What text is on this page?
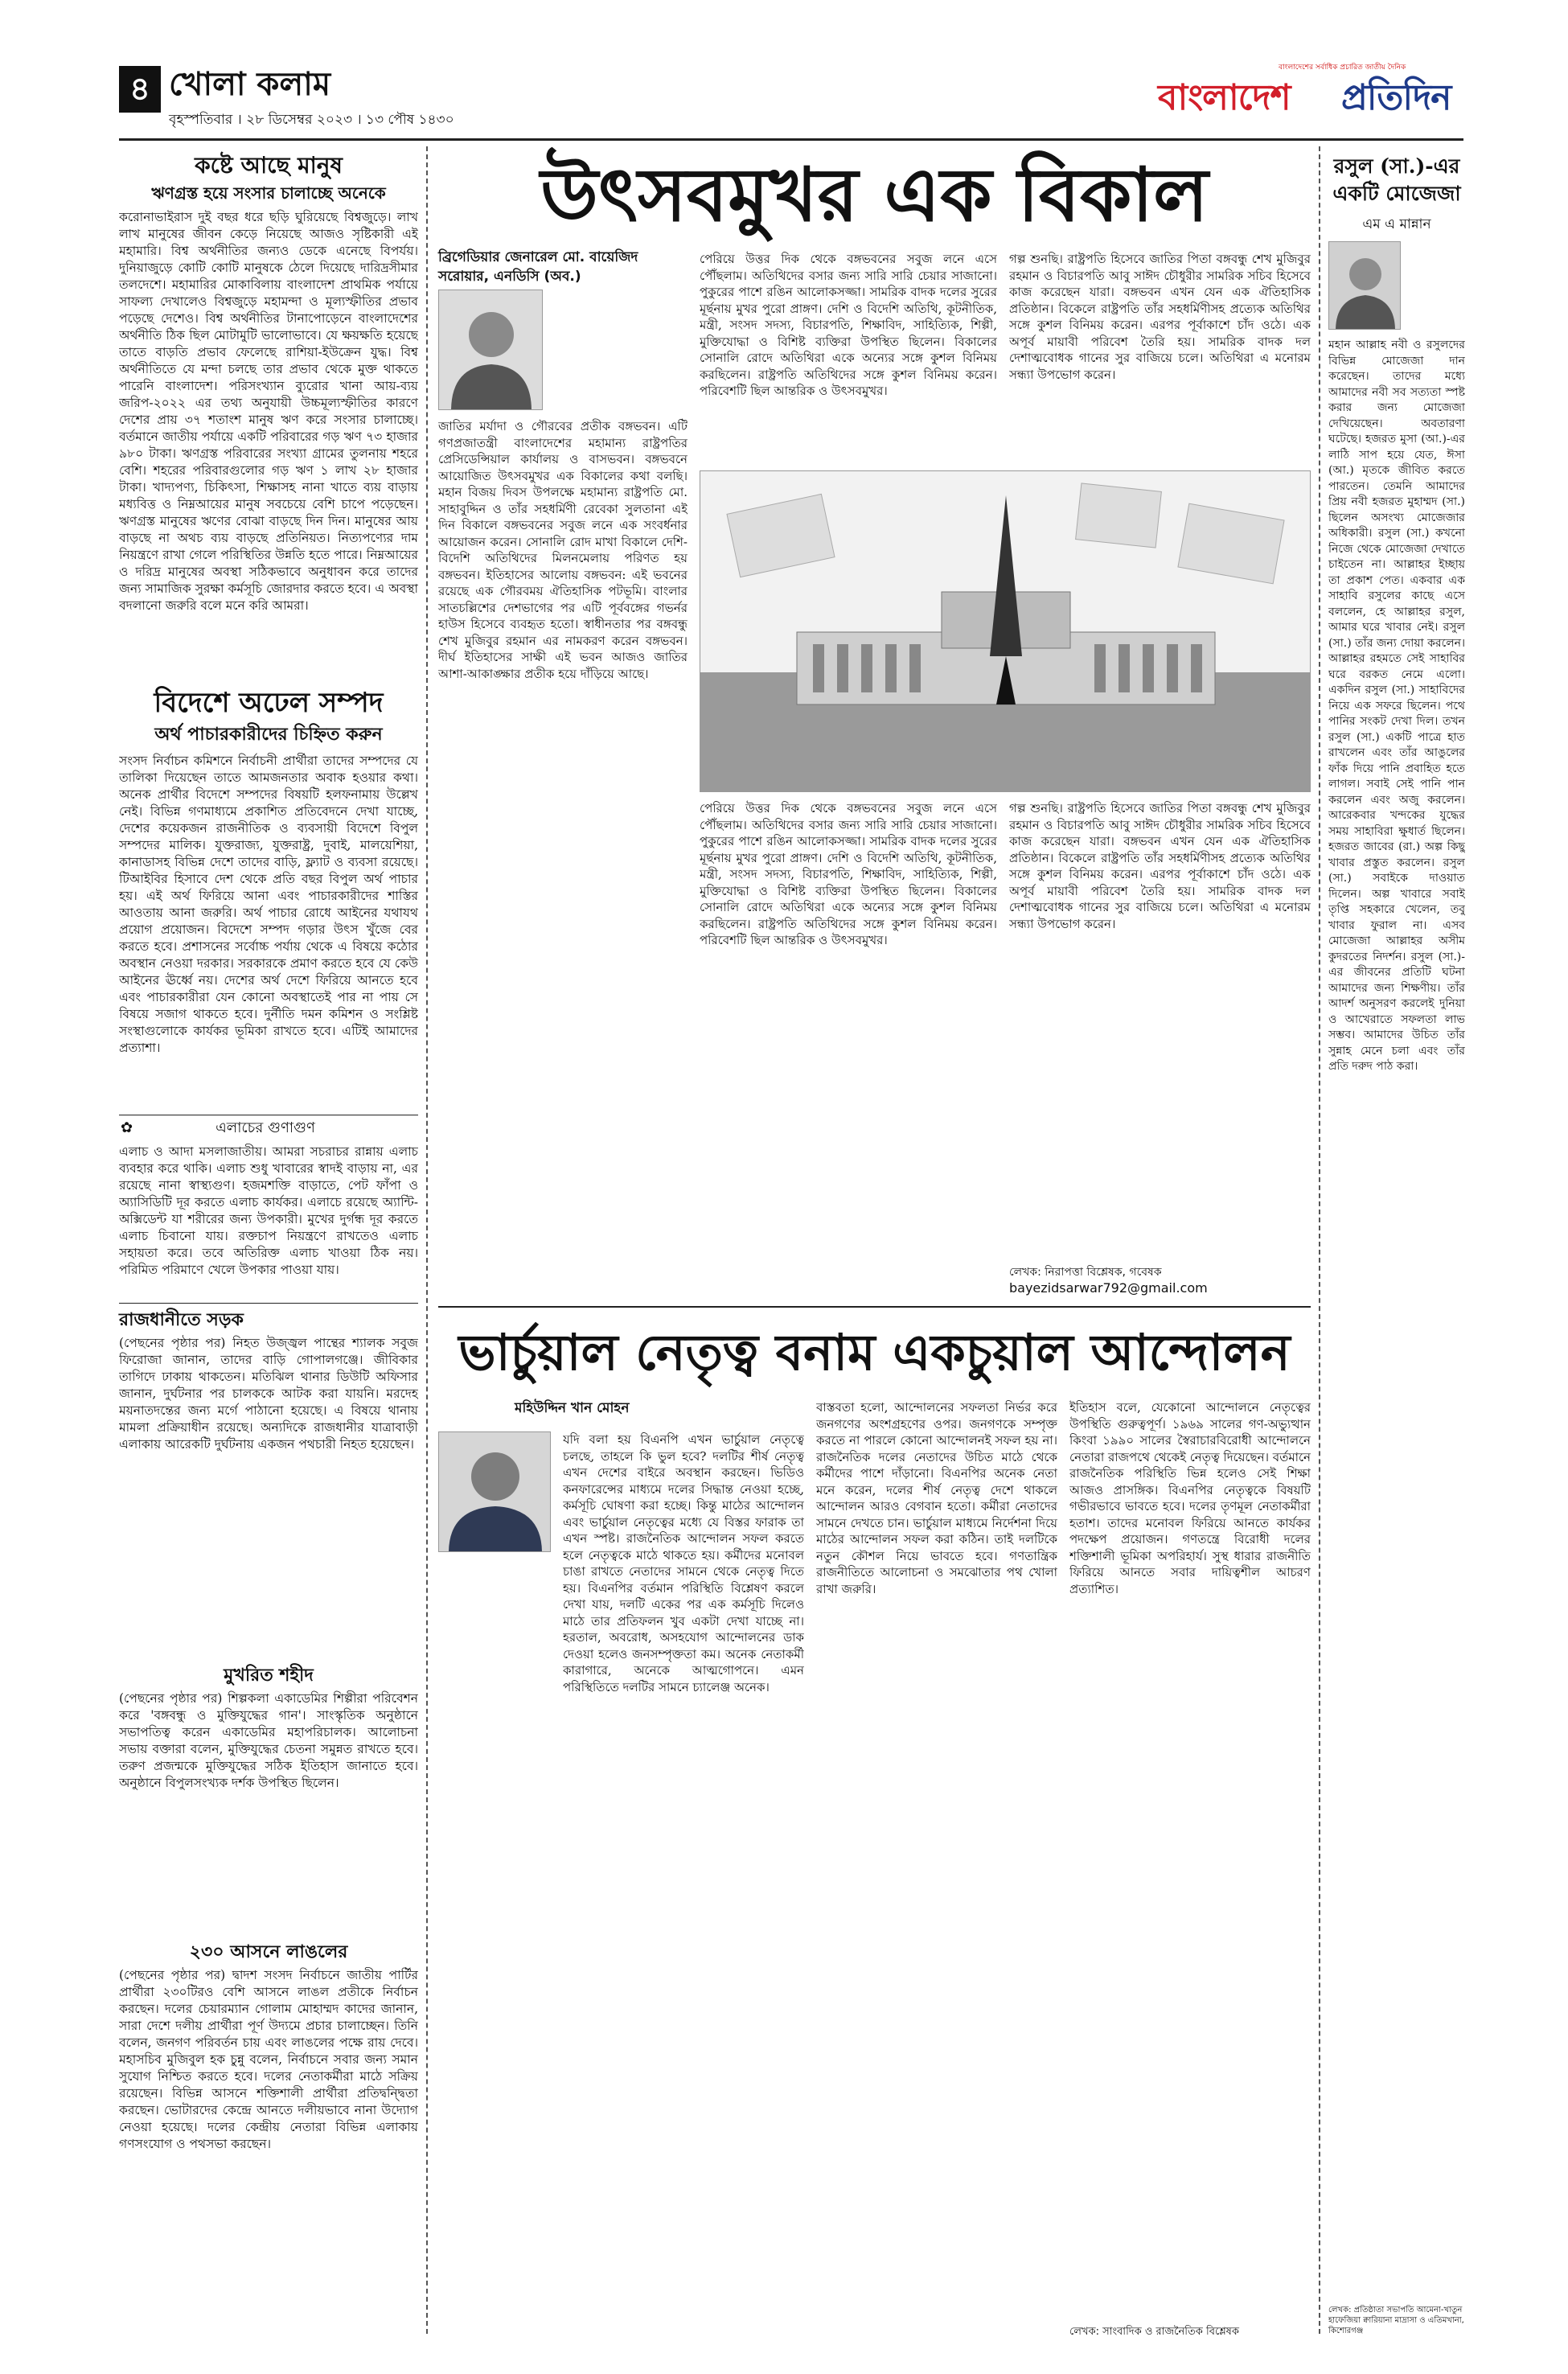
৪ খোলা কলাম
বৃহস্পতিবার । ২৮ ডিসেম্বর ২০২৩ । ১৩ পৌষ ১৪৩০
বাংলাদেশের সর্বাধিক প্রচারিত জাতীয় দৈনিক
বাংলাদেশ প্রতিদিন
কষ্টে আছে মানুষ
ঋণগ্রস্ত হয়ে সংসার চালাচ্ছে অনেকে
করোনাভাইরাস দুই বছর ধরে ছড়ি ঘুরিয়েছে বিশ্বজুড়ে। লাখ লাখ মানুষের জীবন কেড়ে নিয়েছে আজও সৃষ্টিকারী এই মহামারি। বিশ্ব অর্থনীতির জন্যও ডেকে এনেছে বিপর্যয়। দুনিয়াজুড়ে কোটি কোটি মানুষকে ঠেলে দিয়েছে দারিদ্রসীমার তলদেশে। মহামারির মোকাবিলায় বাংলাদেশ প্রাথমিক পর্যায়ে সাফল্য দেখালেও বিশ্বজুড়ে মহামন্দা ও মূল্যস্ফীতির প্রভাব পড়েছে দেশেও। বিশ্ব অর্থনীতির টানাপোড়েনে বাংলাদেশের অর্থনীতি ঠিক ছিল মোটামুটি ভালোভাবে। যে ক্ষয়ক্ষতি হয়েছে তাতে বাড়তি প্রভাব ফেলেছে রাশিয়া-ইউক্রেন যুদ্ধ। বিশ্ব অর্থনীতিতে যে মন্দা চলছে তার প্রভাব থেকে মুক্ত থাকতে পারেনি বাংলাদেশ। পরিসংখ্যান ব্যুরোর খানা আয়-ব্যয় জরিপ-২০২২ এর তথ্য অনুযায়ী উচ্চমূল্যস্ফীতির কারণে দেশের প্রায় ৩৭ শতাংশ মানুষ ঋণ করে সংসার চালাচ্ছে। বর্তমানে জাতীয় পর্যায়ে একটি পরিবারের গড় ঋণ ৭৩ হাজার ৯৮০ টাকা। ঋণগ্রস্ত পরিবারের সংখ্যা গ্রামের তুলনায় শহরে বেশি। শহরের পরিবারগুলোর গড় ঋণ ১ লাখ ২৮ হাজার টাকা। খাদ্যপণ্য, চিকিৎসা, শিক্ষাসহ নানা খাতে ব্যয় বাড়ায় মধ্যবিত্ত ও নিম্নআয়ের মানুষ সবচেয়ে বেশি চাপে পড়েছেন। ঋণগ্রস্ত মানুষের ঋণের বোঝা বাড়ছে দিন দিন। মানুষের আয় বাড়ছে না অথচ ব্যয় বাড়ছে প্রতিনিয়ত। নিত্যপণ্যের দাম নিয়ন্ত্রণে রাখা গেলে পরিস্থিতির উন্নতি হতে পারে। নিম্নআয়ের ও দরিদ্র মানুষের অবস্থা সঠিকভাবে অনুধাবন করে তাদের জন্য সামাজিক সুরক্ষা কর্মসূচি জোরদার করতে হবে। এ অবস্থা বদলানো জরুরি বলে মনে করি আমরা।
বিদেশে অঢেল সম্পদ
অর্থ পাচারকারীদের চিহ্নিত করুন
সংসদ নির্বাচন কমিশনে নির্বাচনী প্রার্থীরা তাদের সম্পদের যে তালিকা দিয়েছেন তাতে আমজনতার অবাক হওয়ার কথা। অনেক প্রার্থীর বিদেশে সম্পদের বিষয়টি হলফনামায় উল্লেখ নেই। বিভিন্ন গণমাধ্যমে প্রকাশিত প্রতিবেদনে দেখা যাচ্ছে, দেশের কয়েকজন রাজনীতিক ও ব্যবসায়ী বিদেশে বিপুল সম্পদের মালিক। যুক্তরাজ্য, যুক্তরাষ্ট্র, দুবাই, মালয়েশিয়া, কানাডাসহ বিভিন্ন দেশে তাদের বাড়ি, ফ্ল্যাট ও ব্যবসা রয়েছে। টিআইবির হিসাবে দেশ থেকে প্রতি বছর বিপুল অর্থ পাচার হয়। এই অর্থ ফিরিয়ে আনা এবং পাচারকারীদের শাস্তির আওতায় আনা জরুরি। অর্থ পাচার রোধে আইনের যথাযথ প্রয়োগ প্রয়োজন। বিদেশে সম্পদ গড়ার উৎস খুঁজে বের করতে হবে। প্রশাসনের সর্বোচ্চ পর্যায় থেকে এ বিষয়ে কঠোর অবস্থান নেওয়া দরকার। সরকারকে প্রমাণ করতে হবে যে কেউ আইনের ঊর্ধ্বে নয়। দেশের অর্থ দেশে ফিরিয়ে আনতে হবে এবং পাচারকারীরা যেন কোনো অবস্থাতেই পার না পায় সে বিষয়ে সজাগ থাকতে হবে। দুর্নীতি দমন কমিশন ও সংশ্লিষ্ট সংস্থাগুলোকে কার্যকর ভূমিকা রাখতে হবে। এটিই আমাদের প্রত্যাশা।
✿	এলাচের গুণাগুণ
এলাচ ও আদা মসলাজাতীয়। আমরা সচরাচর রান্নায় এলাচ ব্যবহার করে থাকি। এলাচ শুধু খাবারের স্বাদই বাড়ায় না, এর রয়েছে নানা স্বাস্থ্যগুণ। হজমশক্তি বাড়াতে, পেট ফাঁপা ও অ্যাসিডিটি দূর করতে এলাচ কার্যকর। এলাচে রয়েছে অ্যান্টি-অক্সিডেন্ট যা শরীরের জন্য উপকারী। মুখের দুর্গন্ধ দূর করতে এলাচ চিবানো যায়। রক্তচাপ নিয়ন্ত্রণে রাখতেও এলাচ সহায়তা করে। তবে অতিরিক্ত এলাচ খাওয়া ঠিক নয়। পরিমিত পরিমাণে খেলে উপকার পাওয়া যায়।
রাজধানীতে সড়ক
(পেছনের পৃষ্ঠার পর) নিহত উজ্জ্বল পান্থের শ্যালক সবুজ ফিরোজা জানান, তাদের বাড়ি গোপালগঞ্জে। জীবিকার তাগিদে ঢাকায় থাকতেন। মতিঝিল থানার ডিউটি অফিসার জানান, দুর্ঘটনার পর চালককে আটক করা যায়নি। মরদেহ ময়নাতদন্তের জন্য মর্গে পাঠানো হয়েছে। এ বিষয়ে থানায় মামলা প্রক্রিয়াধীন রয়েছে। অন্যদিকে রাজধানীর যাত্রাবাড়ী এলাকায় আরেকটি দুর্ঘটনায় একজন পথচারী নিহত হয়েছেন।
মুখরিত শহীদ
(পেছনের পৃষ্ঠার পর) শিল্পকলা একাডেমির শিল্পীরা পরিবেশন করে 'বঙ্গবন্ধু ও মুক্তিযুদ্ধের গান'। সাংস্কৃতিক অনুষ্ঠানে সভাপতিত্ব করেন একাডেমির মহাপরিচালক। আলোচনা সভায় বক্তারা বলেন, মুক্তিযুদ্ধের চেতনা সমুন্নত রাখতে হবে। তরুণ প্রজন্মকে মুক্তিযুদ্ধের সঠিক ইতিহাস জানাতে হবে। অনুষ্ঠানে বিপুলসংখ্যক দর্শক উপস্থিত ছিলেন।
২৩০ আসনে লাঙলের
(পেছনের পৃষ্ঠার পর) দ্বাদশ সংসদ নির্বাচনে জাতীয় পার্টির প্রার্থীরা ২৩০টিরও বেশি আসনে লাঙল প্রতীকে নির্বাচন করছেন। দলের চেয়ারম্যান গোলাম মোহাম্মদ কাদের জানান, সারা দেশে দলীয় প্রার্থীরা পূর্ণ উদ্যমে প্রচার চালাচ্ছেন। তিনি বলেন, জনগণ পরিবর্তন চায় এবং লাঙলের পক্ষে রায় দেবে। মহাসচিব মুজিবুল হক চুন্নু বলেন, নির্বাচনে সবার জন্য সমান সুযোগ নিশ্চিত করতে হবে। দলের নেতাকর্মীরা মাঠে সক্রিয় রয়েছেন। বিভিন্ন আসনে শক্তিশালী প্রার্থীরা প্রতিদ্বন্দ্বিতা করছেন। ভোটারদের কেন্দ্রে আনতে দলীয়ভাবে নানা উদ্যোগ নেওয়া হয়েছে। দলের কেন্দ্রীয় নেতারা বিভিন্ন এলাকায় গণসংযোগ ও পথসভা করছেন।
উৎসবমুখর এক বিকাল
ব্রিগেডিয়ার জেনারেল মো. বায়েজিদ সরোয়ার, এনডিসি (অব.)
জাতির মর্যাদা ও গৌরবের প্রতীক বঙ্গভবন। এটি গণপ্রজাতন্ত্রী বাংলাদেশের মহামান্য রাষ্ট্রপতির প্রেসিডেন্সিয়াল কার্যালয় ও বাসভবন। বঙ্গভবনে আয়োজিত উৎসবমুখর এক বিকালের কথা বলছি। মহান বিজয় দিবস উপলক্ষে মহামান্য রাষ্ট্রপতি মো. সাহাবুদ্দিন ও তাঁর সহধর্মিণী রেবেকা সুলতানা এই দিন বিকালে বঙ্গভবনের সবুজ লনে এক সংবর্ধনার আয়োজন করেন। সোনালি রোদ মাখা বিকালে দেশি-বিদেশি অতিথিদের মিলনমেলায় পরিণত হয় বঙ্গভবন। ইতিহাসের আলোয় বঙ্গভবন: এই ভবনের রয়েছে এক গৌরবময় ঐতিহাসিক পটভূমি। বাংলার সাতচল্লিশের দেশভাগের পর এটি পূর্ববঙ্গের গভর্নর হাউস হিসেবে ব্যবহৃত হতো। স্বাধীনতার পর বঙ্গবন্ধু শেখ মুজিবুর রহমান এর নামকরণ করেন বঙ্গভবন। দীর্ঘ ইতিহাসের সাক্ষী এই ভবন আজও জাতির আশা-আকাঙ্ক্ষার প্রতীক হয়ে দাঁড়িয়ে আছে।
পেরিয়ে উত্তর দিক থেকে বঙ্গভবনের সবুজ লনে এসে পৌঁছলাম। অতিথিদের বসার জন্য সারি সারি চেয়ার সাজানো। পুকুরের পাশে রঙিন আলোকসজ্জা। সামরিক বাদক দলের সুরের মূর্ছনায় মুখর পুরো প্রাঙ্গণ। দেশি ও বিদেশি অতিথি, কূটনীতিক, মন্ত্রী, সংসদ সদস্য, বিচারপতি, শিক্ষাবিদ, সাহিত্যিক, শিল্পী, মুক্তিযোদ্ধা ও বিশিষ্ট ব্যক্তিরা উপস্থিত ছিলেন। বিকালের সোনালি রোদে অতিথিরা একে অন্যের সঙ্গে কুশল বিনিময় করছিলেন। রাষ্ট্রপতি অতিথিদের সঙ্গে কুশল বিনিময় করেন। পরিবেশটি ছিল আন্তরিক ও উৎসবমুখর।
গল্প শুনছি। রাষ্ট্রপতি হিসেবে জাতির পিতা বঙ্গবন্ধু শেখ মুজিবুর রহমান ও বিচারপতি আবু সাঈদ চৌধুরীর সামরিক সচিব হিসেবে কাজ করেছেন যারা। বঙ্গভবন এখন যেন এক ঐতিহাসিক প্রতিষ্ঠান। বিকেলে রাষ্ট্রপতি তাঁর সহধর্মিণীসহ প্রত্যেক অতিথির সঙ্গে কুশল বিনিময় করেন। এরপর পূর্বাকাশে চাঁদ ওঠে। এক অপূর্ব মায়াবী পরিবেশ তৈরি হয়। সামরিক বাদক দল দেশাত্মবোধক গানের সুর বাজিয়ে চলে। অতিথিরা এ মনোরম সন্ধ্যা উপভোগ করেন।
পেরিয়ে উত্তর দিক থেকে বঙ্গভবনের সবুজ লনে এসে পৌঁছলাম। অতিথিদের বসার জন্য সারি সারি চেয়ার সাজানো। পুকুরের পাশে রঙিন আলোকসজ্জা। সামরিক বাদক দলের সুরের মূর্ছনায় মুখর পুরো প্রাঙ্গণ। দেশি ও বিদেশি অতিথি, কূটনীতিক, মন্ত্রী, সংসদ সদস্য, বিচারপতি, শিক্ষাবিদ, সাহিত্যিক, শিল্পী, মুক্তিযোদ্ধা ও বিশিষ্ট ব্যক্তিরা উপস্থিত ছিলেন। বিকালের সোনালি রোদে অতিথিরা একে অন্যের সঙ্গে কুশল বিনিময় করছিলেন। রাষ্ট্রপতি অতিথিদের সঙ্গে কুশল বিনিময় করেন। পরিবেশটি ছিল আন্তরিক ও উৎসবমুখর।
গল্প শুনছি। রাষ্ট্রপতি হিসেবে জাতির পিতা বঙ্গবন্ধু শেখ মুজিবুর রহমান ও বিচারপতি আবু সাঈদ চৌধুরীর সামরিক সচিব হিসেবে কাজ করেছেন যারা। বঙ্গভবন এখন যেন এক ঐতিহাসিক প্রতিষ্ঠান। বিকেলে রাষ্ট্রপতি তাঁর সহধর্মিণীসহ প্রত্যেক অতিথির সঙ্গে কুশল বিনিময় করেন। এরপর পূর্বাকাশে চাঁদ ওঠে। এক অপূর্ব মায়াবী পরিবেশ তৈরি হয়। সামরিক বাদক দল দেশাত্মবোধক গানের সুর বাজিয়ে চলে। অতিথিরা এ মনোরম সন্ধ্যা উপভোগ করেন।
লেখক: নিরাপত্তা বিশ্লেষক, গবেষক
bayezidsarwar792@gmail.com
ভার্চুয়াল নেতৃত্ব বনাম একচুয়াল আন্দোলন
মহিউদ্দিন খান মোহন
যদি বলা হয় বিএনপি এখন ভার্চুয়াল নেতৃত্বে চলছে, তাহলে কি ভুল হবে? দলটির শীর্ষ নেতৃত্ব এখন দেশের বাইরে অবস্থান করছেন। ভিডিও কনফারেন্সের মাধ্যমে দলের সিদ্ধান্ত নেওয়া হচ্ছে, কর্মসূচি ঘোষণা করা হচ্ছে। কিন্তু মাঠের আন্দোলন এবং ভার্চুয়াল নেতৃত্বের মধ্যে যে বিস্তর ফারাক তা এখন স্পষ্ট। রাজনৈতিক আন্দোলন সফল করতে হলে নেতৃত্বকে মাঠে থাকতে হয়। কর্মীদের মনোবল চাঙা রাখতে নেতাদের সামনে থেকে নেতৃত্ব দিতে হয়। বিএনপির বর্তমান পরিস্থিতি বিশ্লেষণ করলে দেখা যায়, দলটি একের পর এক কর্মসূচি দিলেও মাঠে তার প্রতিফলন খুব একটা দেখা যাচ্ছে না। হরতাল, অবরোধ, অসহযোগ আন্দোলনের ডাক দেওয়া হলেও জনসম্পৃক্ততা কম। অনেক নেতাকর্মী কারাগারে, অনেকে আত্মগোপনে। এমন পরিস্থিতিতে দলটির সামনে চ্যালেঞ্জ অনেক।
বাস্তবতা হলো, আন্দোলনের সফলতা নির্ভর করে জনগণের অংশগ্রহণের ওপর। জনগণকে সম্পৃক্ত করতে না পারলে কোনো আন্দোলনই সফল হয় না। রাজনৈতিক দলের নেতাদের উচিত মাঠে থেকে কর্মীদের পাশে দাঁড়ানো। বিএনপির অনেক নেতা মনে করেন, দলের শীর্ষ নেতৃত্ব দেশে থাকলে আন্দোলন আরও বেগবান হতো। কর্মীরা নেতাদের সামনে দেখতে চান। ভার্চুয়াল মাধ্যমে নির্দেশনা দিয়ে মাঠের আন্দোলন সফল করা কঠিন। তাই দলটিকে নতুন কৌশল নিয়ে ভাবতে হবে। গণতান্ত্রিক রাজনীতিতে আলোচনা ও সমঝোতার পথ খোলা রাখা জরুরি।
ইতিহাস বলে, যেকোনো আন্দোলনে নেতৃত্বের উপস্থিতি গুরুত্বপূর্ণ। ১৯৬৯ সালের গণ-অভ্যুত্থান কিংবা ১৯৯০ সালের স্বৈরাচারবিরোধী আন্দোলনে নেতারা রাজপথে থেকেই নেতৃত্ব দিয়েছেন। বর্তমানে রাজনৈতিক পরিস্থিতি ভিন্ন হলেও সেই শিক্ষা আজও প্রাসঙ্গিক। বিএনপির নেতৃত্বকে বিষয়টি গভীরভাবে ভাবতে হবে। দলের তৃণমূল নেতাকর্মীরা হতাশ। তাদের মনোবল ফিরিয়ে আনতে কার্যকর পদক্ষেপ প্রয়োজন। গণতন্ত্রে বিরোধী দলের শক্তিশালী ভূমিকা অপরিহার্য। সুস্থ ধারার রাজনীতি ফিরিয়ে আনতে সবার দায়িত্বশীল আচরণ প্রত্যাশিত।
লেখক: সাংবাদিক ও রাজনৈতিক বিশ্লেষক
রসুল (সা.)-এর একটি মোজেজা
এম এ মান্নান
মহান আল্লাহ নবী ও রসুলদের বিভিন্ন মোজেজা দান করেছেন। তাদের মধ্যে আমাদের নবী সব সত্যতা স্পষ্ট করার জন্য মোজেজা দেখিয়েছেন। অবতারণা ঘটেছে। হজরত মুসা (আ.)-এর লাঠি সাপ হয়ে যেত, ঈসা (আ.) মৃতকে জীবিত করতে পারতেন। তেমনি আমাদের প্রিয় নবী হজরত মুহাম্মদ (সা.) ছিলেন অসংখ্য মোজেজার অধিকারী। রসুল (সা.) কখনো নিজে থেকে মোজেজা দেখাতে চাইতেন না। আল্লাহর ইচ্ছায় তা প্রকাশ পেত। একবার এক সাহাবি রসুলের কাছে এসে বললেন, হে আল্লাহর রসুল, আমার ঘরে খাবার নেই। রসুল (সা.) তাঁর জন্য দোয়া করলেন। আল্লাহর রহমতে সেই সাহাবির ঘরে বরকত নেমে এলো। একদিন রসুল (সা.) সাহাবিদের নিয়ে এক সফরে ছিলেন। পথে পানির সংকট দেখা দিল। তখন রসুল (সা.) একটি পাত্রে হাত রাখলেন এবং তাঁর আঙুলের ফাঁক দিয়ে পানি প্রবাহিত হতে লাগল। সবাই সেই পানি পান করলেন এবং অজু করলেন। আরেকবার খন্দকের যুদ্ধের সময় সাহাবিরা ক্ষুধার্ত ছিলেন। হজরত জাবের (রা.) অল্প কিছু খাবার প্রস্তুত করলেন। রসুল (সা.) সবাইকে দাওয়াত দিলেন। অল্প খাবারে সবাই তৃপ্তি সহকারে খেলেন, তবু খাবার ফুরাল না। এসব মোজেজা আল্লাহর অসীম কুদরতের নিদর্শন। রসুল (সা.)-এর জীবনের প্রতিটি ঘটনা আমাদের জন্য শিক্ষণীয়। তাঁর আদর্শ অনুসরণ করলেই দুনিয়া ও আখেরাতে সফলতা লাভ সম্ভব। আমাদের উচিত তাঁর সুন্নাহ মেনে চলা এবং তাঁর প্রতি দরুদ পাঠ করা।
লেখক: প্রতিষ্ঠাতা সভাপতি আমেনা-খাতুন হাফেজিয়া ক্বারিয়ানা মাদ্রাসা ও এতিমখানা, কিশোরগঞ্জ
